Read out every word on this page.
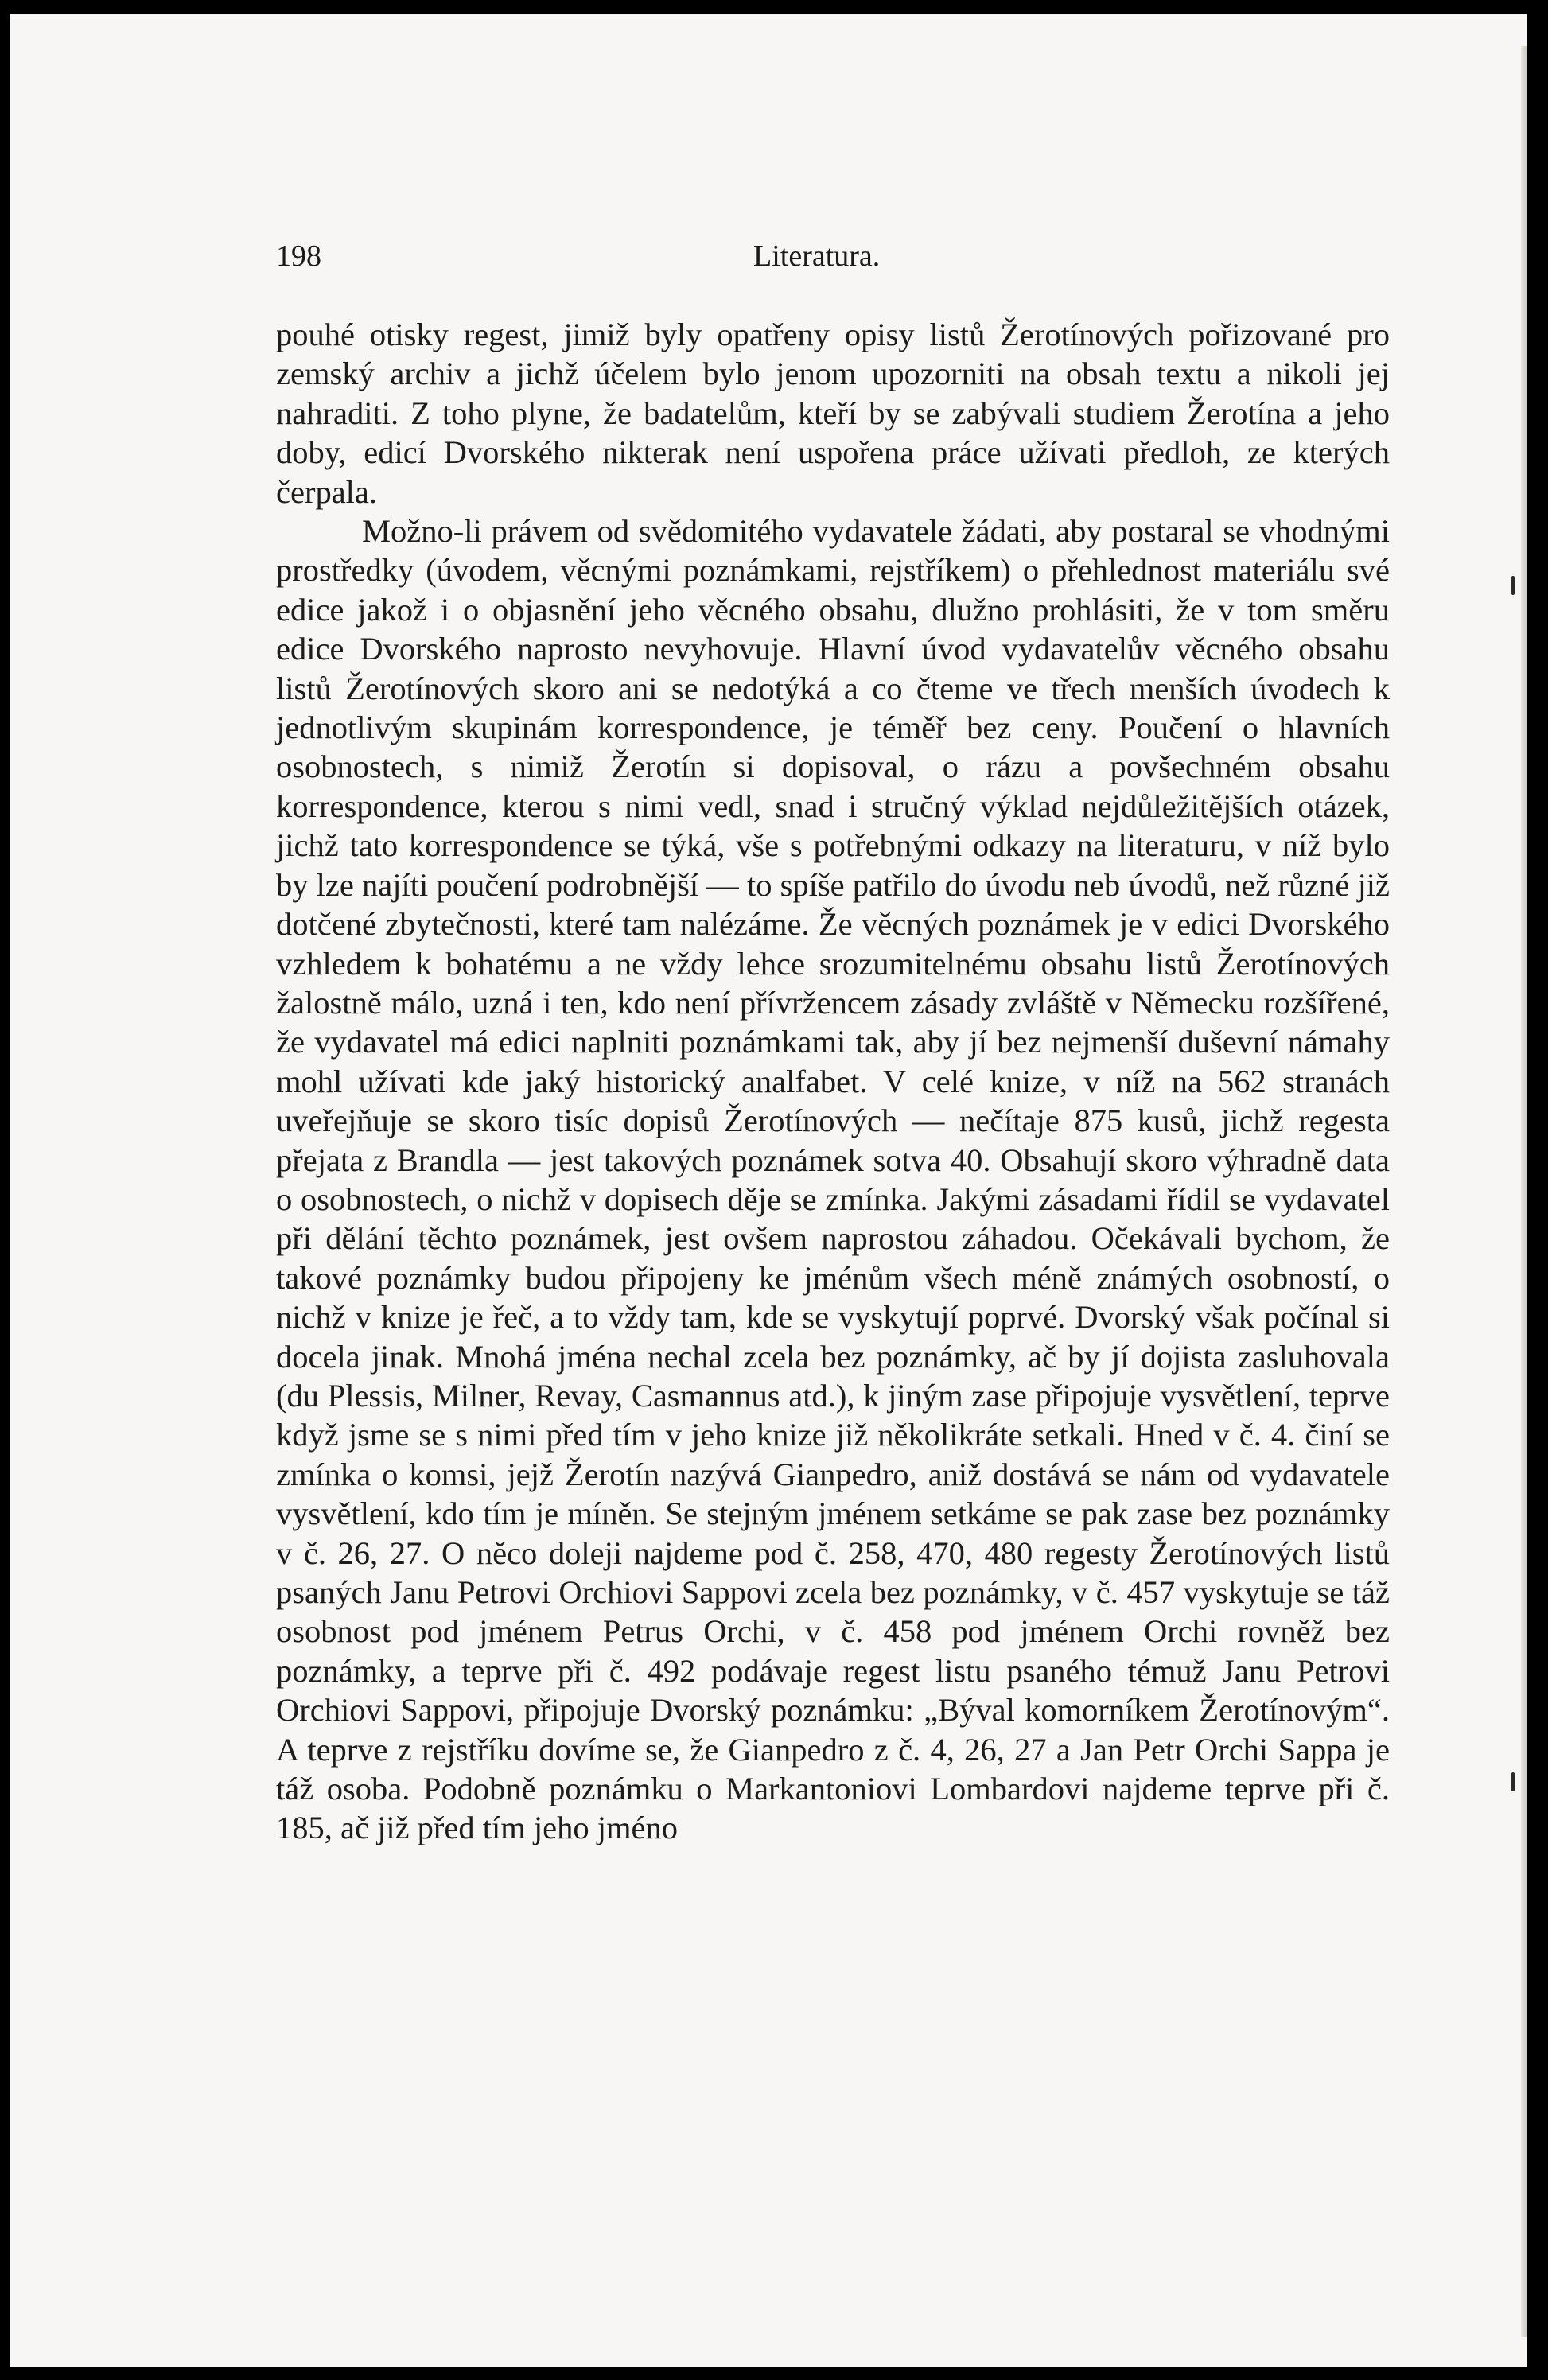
198	Literatura.

pouhé otisky regest, jimiž byly opatřeny opisy listů Žerotínových pořizované pro zemský archiv a jichž účelem bylo jenom upozorniti na obsah textu a nikoli jej nahraditi. Z toho plyne, že badatelům, kteří by se zabývali studiem Žerotína a jeho doby, edicí Dvorského nikterak není uspořena práce užívati předloh, ze kterých čerpala.

Možno-li právem od svědomitého vydavatele žádati, aby postaral se vhodnými prostředky (úvodem, věcnými poznámkami, rejstříkem) o přehlednost materiálu své edice jakož i o objasnění jeho věcného obsahu, dlužno prohlásiti, že v tom směru edice Dvorského naprosto nevyhovuje. Hlavní úvod vydavatelův věcného obsahu listů Žerotínových skoro ani se nedotýká a co čteme ve třech menších úvodech k jednotlivým skupinám korrespondence, je téměř bez ceny. Poučení o hlavních osobnostech, s nimiž Žerotín si dopisoval, o rázu a povšechném obsahu korrespondence, kterou s nimi vedl, snad i stručný výklad nejdůležitějších otázek, jichž tato korrespondence se týká, vše s potřebnými odkazy na literaturu, v níž bylo by lze najíti poučení podrobnější — to spíše patřilo do úvodu neb úvodů, než různé již dotčené zbytečnosti, které tam nalézáme. Že věcných poznámek je v edici Dvorského vzhledem k bohatému a ne vždy lehce srozumitelnému obsahu listů Žerotínových žalostně málo, uzná i ten, kdo není přívržencem zásady zvláště v Německu rozšířené, že vydavatel má edici naplniti poznámkami tak, aby jí bez nejmenší duševní námahy mohl užívati kde jaký historický analfabet. V celé knize, v níž na 562 stranách uveřejňuje se skoro tisíc dopisů Žerotínových — nečítaje 875 kusů, jichž regesta přejata z Brandla — jest takových poznámek sotva 40. Obsahují skoro výhradně data o osobnostech, o nichž v dopisech děje se zmínka. Jakými zásadami řídil se vydavatel při dělání těchto poznámek, jest ovšem naprostou záhadou. Očekávali bychom, že takové poznámky budou připojeny ke jménům všech méně známých osobností, o nichž v knize je řeč, a to vždy tam, kde se vyskytují poprvé. Dvorský však počínal si docela jinak. Mnohá jména nechal zcela bez poznámky, ač by jí dojista zasluhovala (du Plessis, Milner, Revay, Casmannus atd.), k jiným zase připojuje vysvětlení, teprve když jsme se s nimi před tím v jeho knize již několikráte setkali. Hned v č. 4. činí se zmínka o komsi, jejž Žerotín nazývá Gianpedro, aniž dostává se nám od vydavatele vysvětlení, kdo tím je míněn. Se stejným jménem setkáme se pak zase bez poznámky v č. 26, 27. O něco doleji najdeme pod č. 258, 470, 480 regesty Žerotínových listů psaných Janu Petrovi Orchiovi Sappovi zcela bez poznámky, v č. 457 vyskytuje se táž osobnost pod jménem Petrus Orchi, v č. 458 pod jménem Orchi rovněž bez poznámky, a teprve při č. 492 podávaje regest listu psaného témuž Janu Petrovi Orchiovi Sappovi, připojuje Dvorský poznámku: „Býval komorníkem Žerotínovým“. A teprve z rejstříku dovíme se, že Gianpedro z č. 4, 26, 27 a Jan Petr Orchi Sappa je táž osoba. Podobně poznámku o Markantoniovi Lombardovi najdeme teprve při č. 185, ač již před tím jeho jméno
